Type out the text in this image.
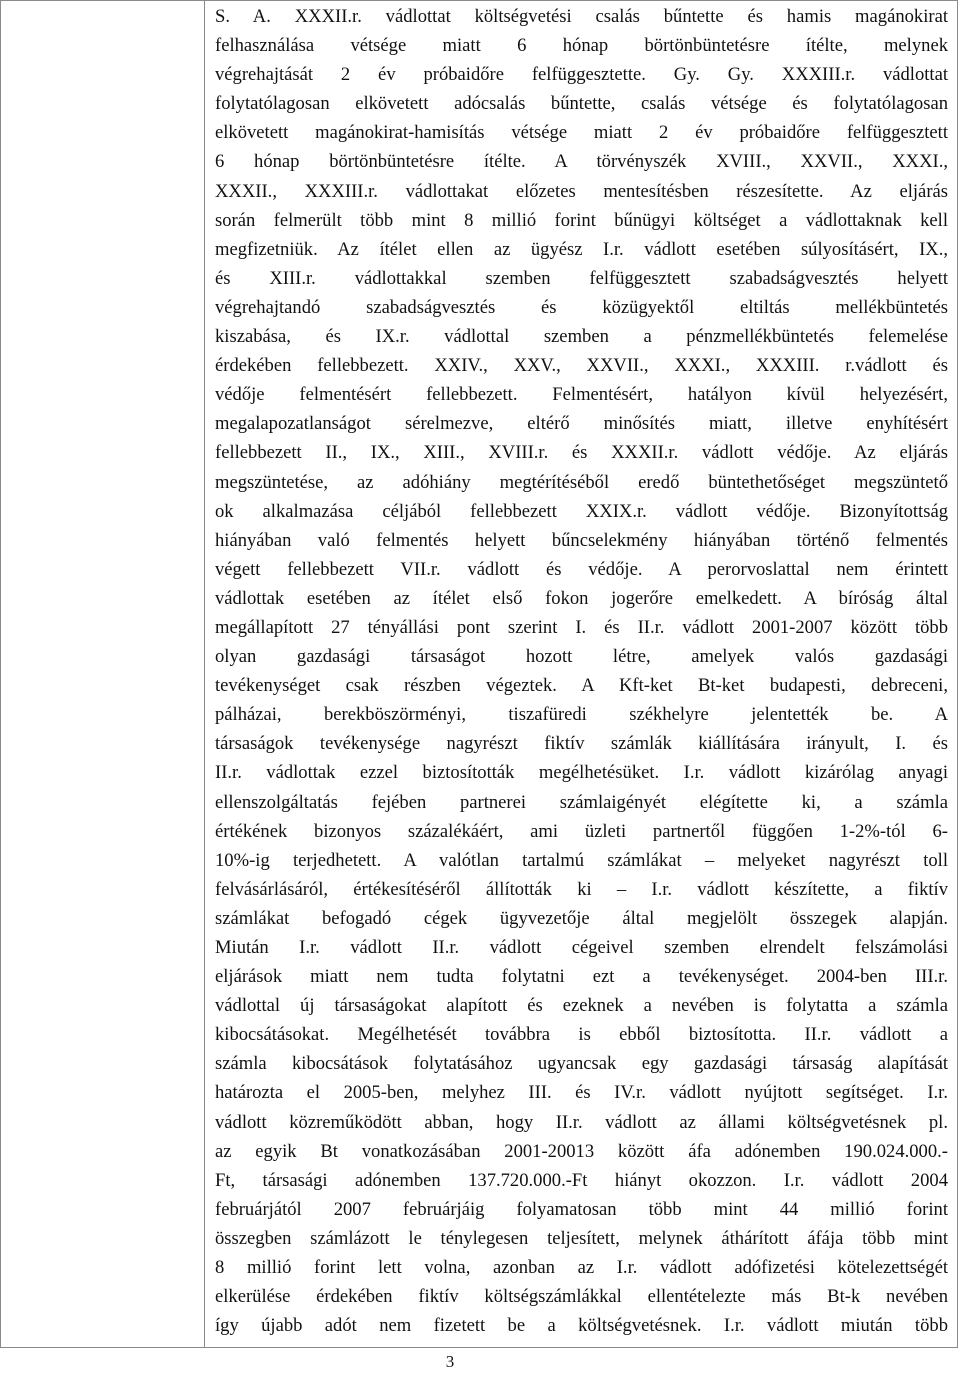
S. A. XXXII.r. vádlottat költségvetési csalás bűntette és hamis magánokirat
felhasználása vétsége miatt 6 hónap börtönbüntetésre ítélte, melynek
végrehajtását 2 év próbaidőre felfüggesztette. Gy. Gy. XXXIII.r. vádlottat
folytatólagosan elkövetett adócsalás bűntette, csalás vétsége és folytatólagosan
elkövetett magánokirat-hamisítás vétsége miatt 2 év próbaidőre felfüggesztett
6 hónap börtönbüntetésre ítélte. A törvényszék XVIII., XXVII., XXXI.,
XXXII., XXXIII.r. vádlottakat előzetes mentesítésben részesítette. Az eljárás
során felmerült több mint 8 millió forint bűnügyi költséget a vádlottaknak kell
megfizetniük. Az ítélet ellen az ügyész I.r. vádlott esetében súlyosításért, IX.,
és XIII.r. vádlottakkal szemben felfüggesztett szabadságvesztés helyett
végrehajtandó szabadságvesztés és közügyektől eltiltás mellékbüntetés
kiszabása, és IX.r. vádlottal szemben a pénzmellékbüntetés felemelése
érdekében fellebbezett. XXIV., XXV., XXVII., XXXI., XXXIII. r.vádlott és
védője felmentésért fellebbezett. Felmentésért, hatályon kívül helyezésért,
megalapozatlanságot sérelmezve, eltérő minősítés miatt, illetve enyhítésért
fellebbezett II., IX., XIII., XVIII.r. és XXXII.r. vádlott védője. Az eljárás
megszüntetése, az adóhiány megtérítéséből eredő büntethetőséget megszüntető
ok alkalmazása céljából fellebbezett XXIX.r. vádlott védője. Bizonyítottság
hiányában való felmentés helyett bűncselekmény hiányában történő felmentés
végett fellebbezett VII.r. vádlott és védője. A perorvoslattal nem érintett
vádlottak esetében az ítélet első fokon jogerőre emelkedett. A bíróság által
megállapított 27 tényállási pont szerint I. és II.r. vádlott 2001-2007 között több
olyan gazdasági társaságot hozott létre, amelyek valós gazdasági
tevékenységet csak részben végeztek. A Kft-ket Bt-ket budapesti, debreceni,
pálházai, berekböszörményi, tiszafüredi székhelyre jelentették be. A
társaságok tevékenysége nagyrészt fiktív számlák kiállítására irányult, I. és
II.r. vádlottak ezzel biztosították megélhetésüket. I.r. vádlott kizárólag anyagi
ellenszolgáltatás fejében partnerei számlaigényét elégítette ki, a számla
értékének bizonyos százalékáért, ami üzleti partnertől függően 1-2%-tól 6-
10%-ig terjedhetett. A valótlan tartalmú számlákat – melyeket nagyrészt toll
felvásárlásáról, értékesítéséről állították ki – I.r. vádlott készítette, a fiktív
számlákat befogadó cégek ügyvezetője által megjelölt összegek alapján.
Miután I.r. vádlott II.r. vádlott cégeivel szemben elrendelt felszámolási
eljárások miatt nem tudta folytatni ezt a tevékenységet. 2004-ben III.r.
vádlottal új társaságokat alapított és ezeknek a nevében is folytatta a számla
kibocsátásokat. Megélhetését továbbra is ebből biztosította. II.r. vádlott a
számla kibocsátások folytatásához ugyancsak egy gazdasági társaság alapítását
határozta el 2005-ben, melyhez III. és IV.r. vádlott nyújtott segítséget. I.r.
vádlott közreműködött abban, hogy II.r. vádlott az állami költségvetésnek pl.
az egyik Bt vonatkozásában 2001-20013 között áfa adónemben 190.024.000.-
Ft, társasági adónemben 137.720.000.-Ft hiányt okozzon. I.r. vádlott 2004
februárjától 2007 februárjáig folyamatosan több mint 44 millió forint
összegben számlázott le ténylegesen teljesített, melynek áthárított áfája több mint
8 millió forint lett volna, azonban az I.r. vádlott adófizetési kötelezettségét
elkerülése érdekében fiktív költségszámlákkal ellentételezte más Bt-k nevében
így újabb adót nem fizetett be a költségvetésnek. I.r. vádlott miután több
3
